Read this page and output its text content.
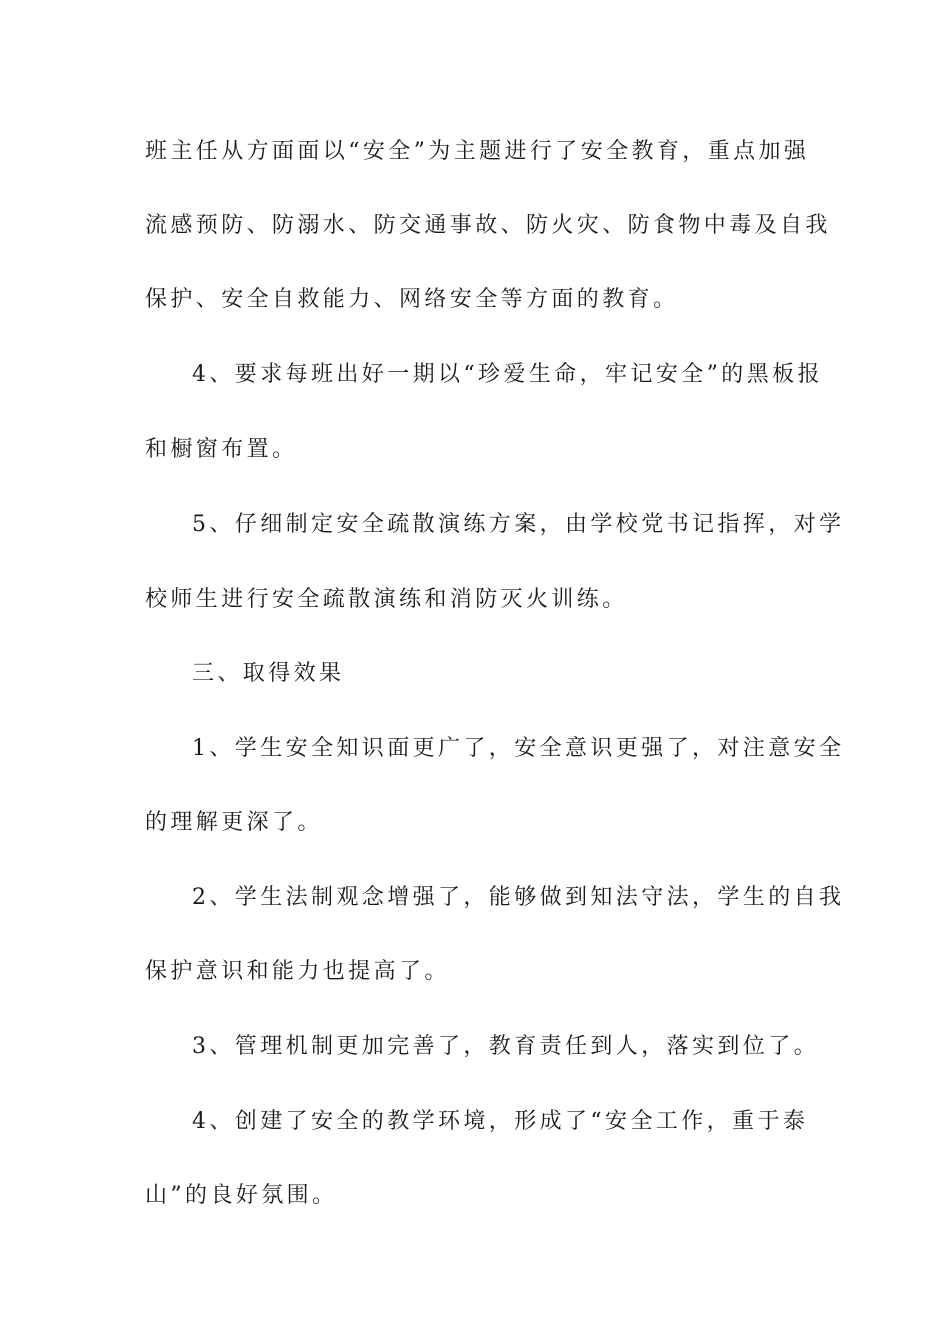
班主任从方面面以“安全”为主题进行了安全教育，重点加强
流感预防、防溺水、防交通事故、防火灾、防食物中毒及自我
保护、安全自救能力、网络安全等方面的教育。
4、要求每班出好一期以“珍爱生命，牢记安全”的黑板报
和橱窗布置。
5、仔细制定安全疏散演练方案，由学校党书记指挥，对学
校师生进行安全疏散演练和消防灭火训练。
三、取得效果
1、学生安全知识面更广了，安全意识更强了，对注意安全
的理解更深了。
2、学生法制观念增强了，能够做到知法守法，学生的自我
保护意识和能力也提高了。
3、管理机制更加完善了，教育责任到人，落实到位了。
4、创建了安全的教学环境，形成了“安全工作，重于泰
山”的良好氛围。
